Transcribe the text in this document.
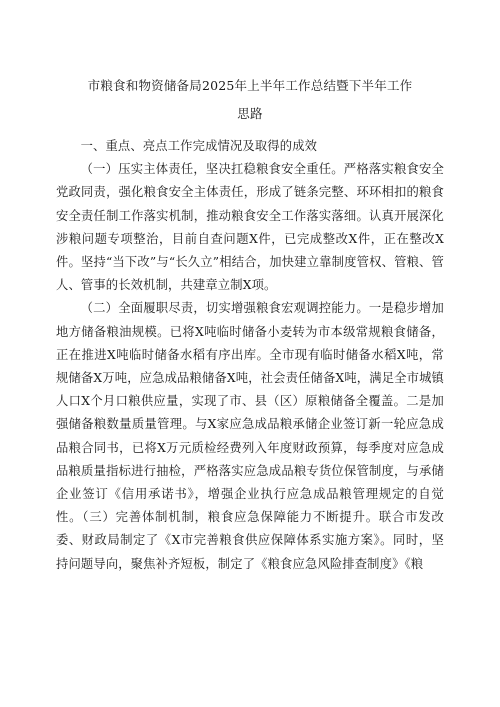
市粮食和物资储备局2025年上半年工作总结暨下半年工作
思路

一、重点、亮点工作完成情况及取得的成效

（一）压实主体责任，坚决扛稳粮食安全重任。严格落实粮食安全党政同责，强化粮食安全主体责任，形成了链条完整、环环相扣的粮食安全责任制工作落实机制，推动粮食安全工作落实落细。认真开展深化涉粮问题专项整治，目前自查问题X件，已完成整改X件，正在整改X件。坚持“当下改”与“长久立”相结合，加快建立靠制度管权、管粮、管人、管事的长效机制，共建章立制X项。

（二）全面履职尽责，切实增强粮食宏观调控能力。一是稳步增加地方储备粮油规模。已将X吨临时储备小麦转为市本级常规粮食储备，正在推进X吨临时储备水稻有序出库。全市现有临时储备水稻X吨，常规储备X万吨，应急成品粮储备X吨，社会责任储备X吨，满足全市城镇人口X个月口粮供应量，实现了市、县（区）原粮储备全覆盖。二是加强储备粮数量质量管理。与X家应急成品粮承储企业签订新一轮应急成品粮合同书，已将X万元质检经费列入年度财政预算，每季度对应急成品粮质量指标进行抽检，严格落实应急成品粮专货位保管制度，与承储企业签订《信用承诺书》，增强企业执行应急成品粮管理规定的自觉性。（三）完善体制机制，粮食应急保障能力不断提升。联合市发改委、财政局制定了《X市完善粮食供应保障体系实施方案》。同时，坚持问题导向，聚焦补齐短板，制定了《粮食应急风险排查制度》《粮
